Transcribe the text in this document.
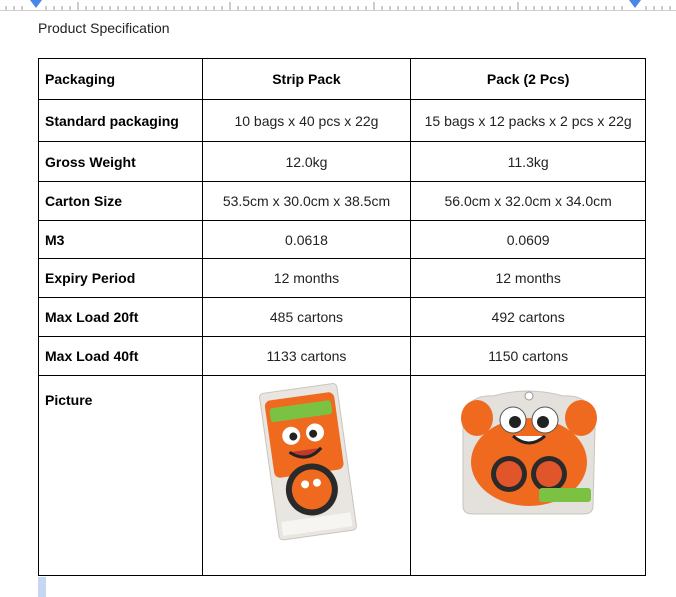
Product Specification
Packaging	Strip Pack	Pack (2 Pcs)
Standard packaging	10 bags x 40 pcs x 22g	15 bags x 12 packs x 2 pcs x 22g
Gross Weight	12.0kg	11.3kg
Carton Size	53.5cm x 30.0cm x 38.5cm	56.0cm x 32.0cm x 34.0cm
M3	0.0618	0.0609
Expiry Period	12 months	12 months
Max Load 20ft	485 cartons	492 cartons
Max Load 40ft	1133 cartons	1150 cartons
Picture		
